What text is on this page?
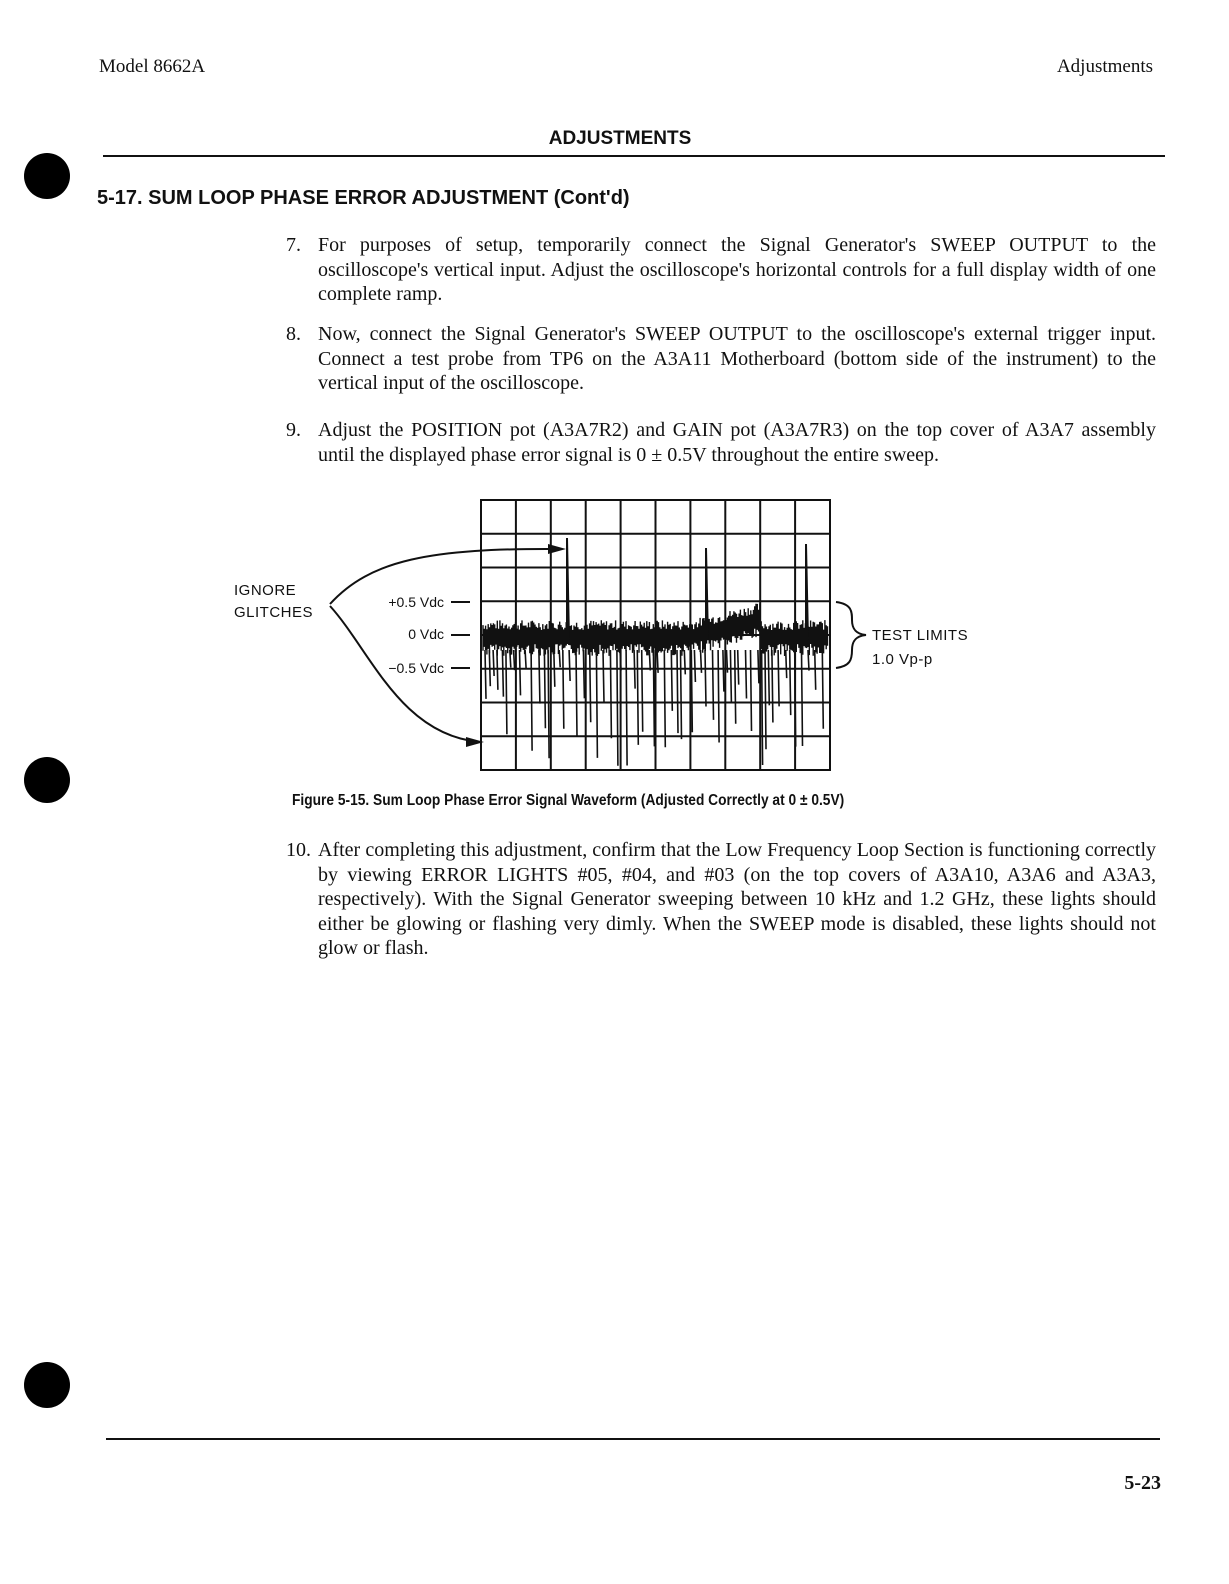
Model 8662A	Adjustments
ADJUSTMENTS
5-17. SUM LOOP PHASE ERROR ADJUSTMENT (Cont'd)
7. For purposes of setup, temporarily connect the Signal Generator's SWEEP OUTPUT to the oscilloscope's vertical input. Adjust the oscilloscope's horizontal controls for a full display width of one complete ramp.
8. Now, connect the Signal Generator's SWEEP OUTPUT to the oscilloscope's external trigger input. Connect a test probe from TP6 on the A3A11 Motherboard (bottom side of the instrument) to the vertical input of the oscilloscope.
9. Adjust the POSITION pot (A3A7R2) and GAIN pot (A3A7R3) on the top cover of A3A7 assembly until the displayed phase error signal is 0 ± 0.5V throughout the entire sweep.
IGNORE
GLITCHES
+0.5 Vdc
0 Vdc
−0.5 Vdc
TEST LIMITS
1.0 Vp-p
Figure 5-15. Sum Loop Phase Error Signal Waveform (Adjusted Correctly at 0 ± 0.5V)
10. After completing this adjustment, confirm that the Low Frequency Loop Section is functioning correctly by viewing ERROR LIGHTS #05, #04, and #03 (on the top covers of A3A10, A3A6 and A3A3, respectively). With the Signal Generator sweeping between 10 kHz and 1.2 GHz, these lights should either be glowing or flashing very dimly. When the SWEEP mode is disabled, these lights should not glow or flash.
5-23
